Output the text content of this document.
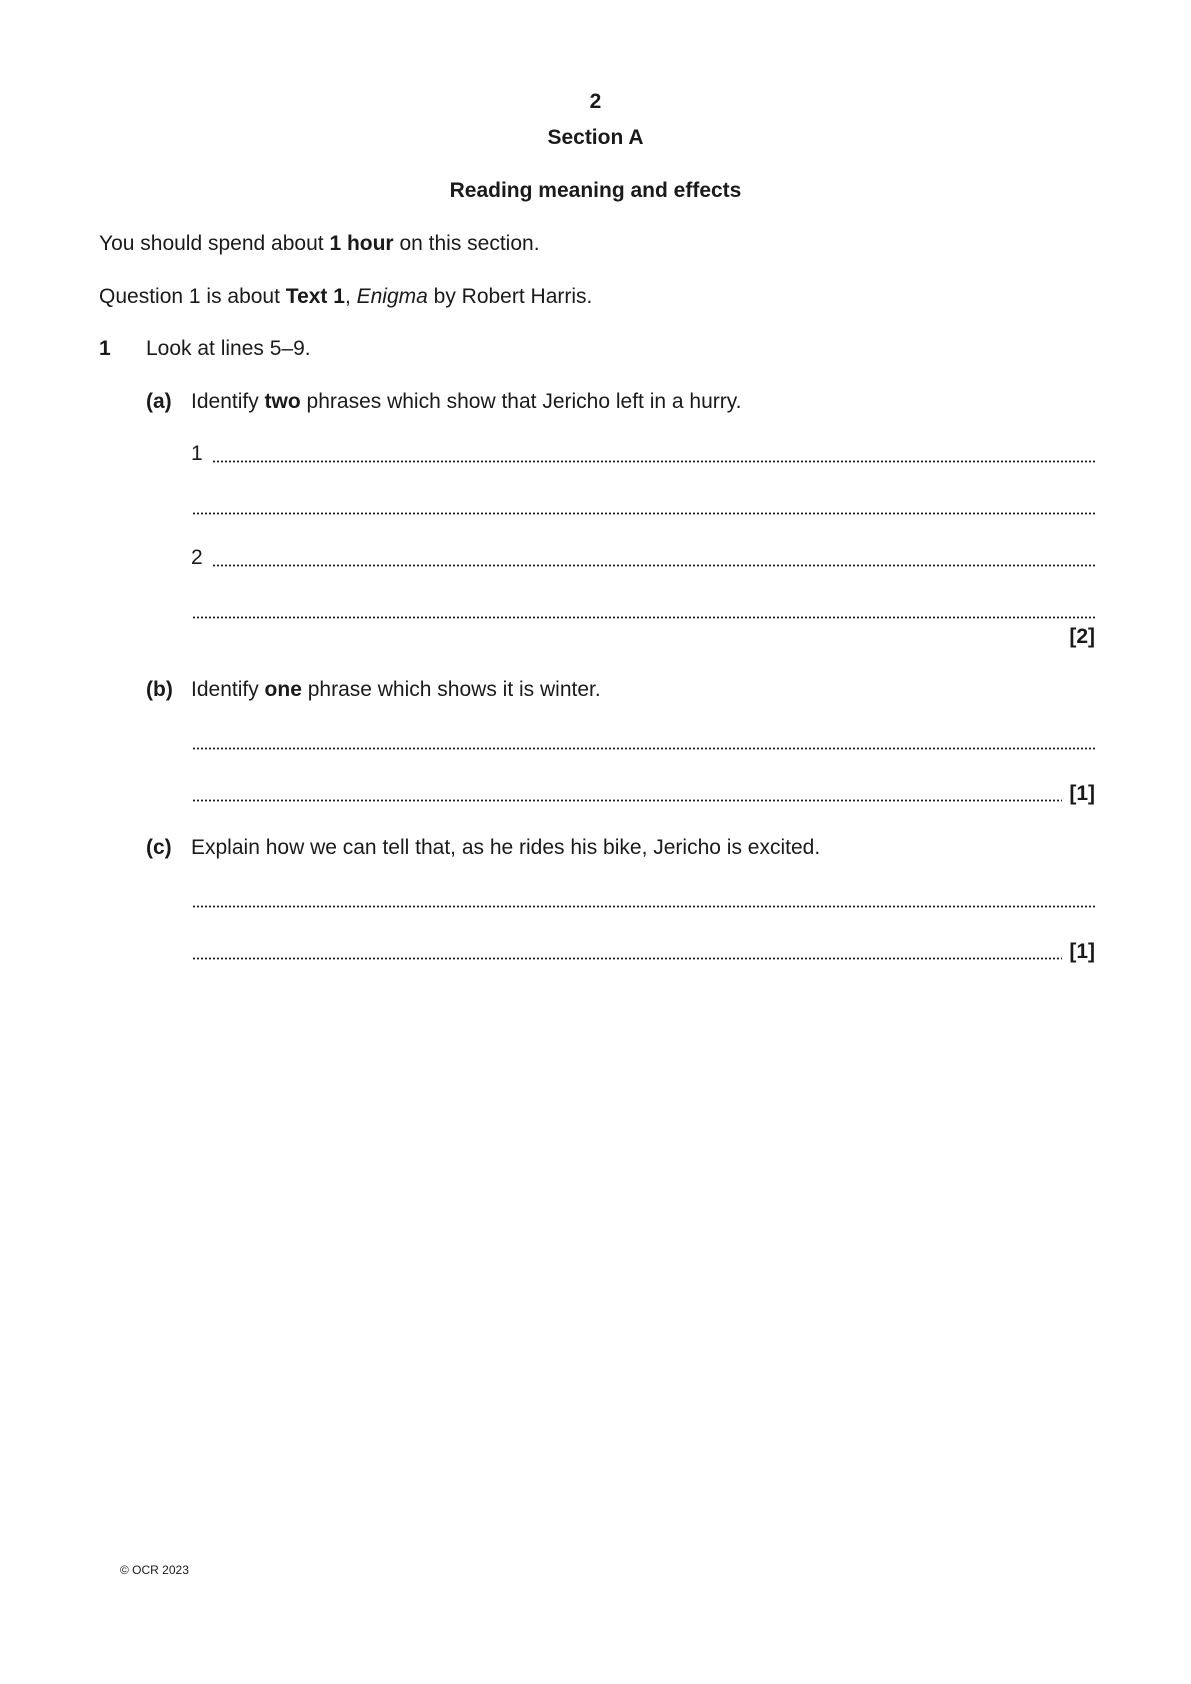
2
Section A
Reading meaning and effects
You should spend about 1 hour on this section.
Question 1 is about Text 1, Enigma by Robert Harris.
1 Look at lines 5–9.
(a) Identify two phrases which show that Jericho left in a hurry.
1
2
[2]
(b) Identify one phrase which shows it is winter.
[1]
(c) Explain how we can tell that, as he rides his bike, Jericho is excited.
[1]
© OCR 2023
